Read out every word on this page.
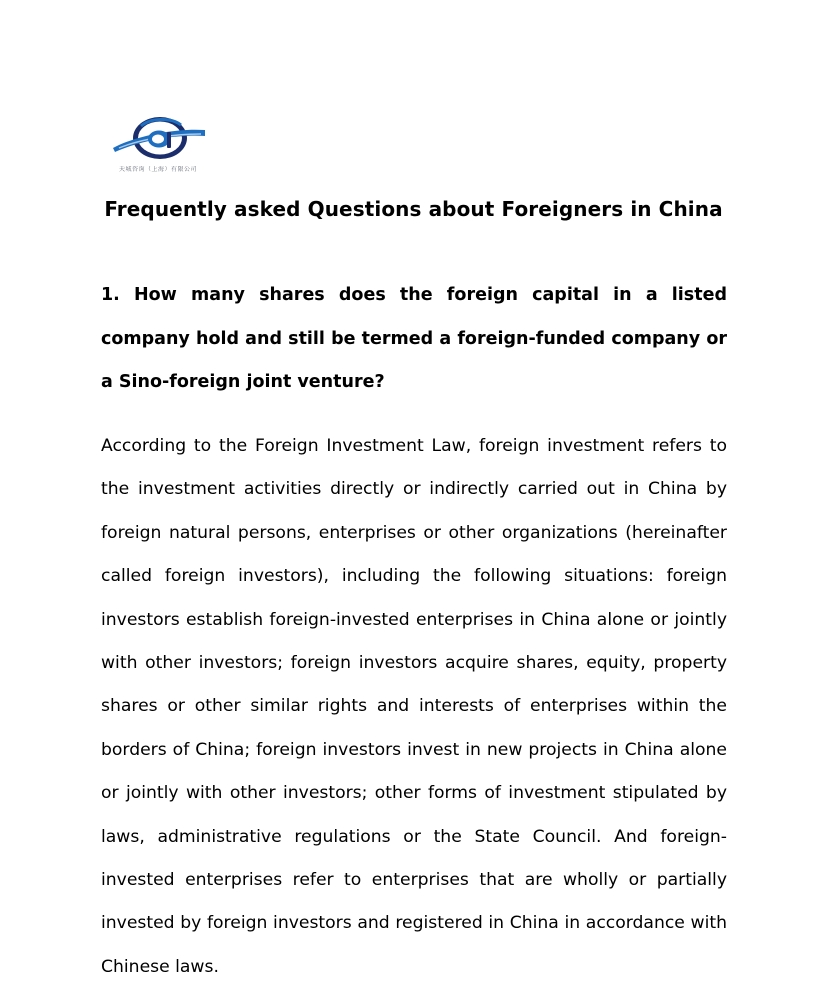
天城咨询（上海）有限公司
Frequently asked Questions about Foreigners in China

1. How many shares does the foreign capital in a listed company hold and still be termed a foreign-funded company or a Sino-foreign joint venture?

According to the Foreign Investment Law, foreign investment refers to the investment activities directly or indirectly carried out in China by foreign natural persons, enterprises or other organizations (hereinafter called foreign investors), including the following situations: foreign investors establish foreign-invested enterprises in China alone or jointly with other investors; foreign investors acquire shares, equity, property shares or other similar rights and interests of enterprises within the borders of China; foreign investors invest in new projects in China alone or jointly with other investors; other forms of investment stipulated by laws, administrative regulations or the State Council. And foreign-invested enterprises refer to enterprises that are wholly or partially invested by foreign investors and registered in China in accordance with Chinese laws.
